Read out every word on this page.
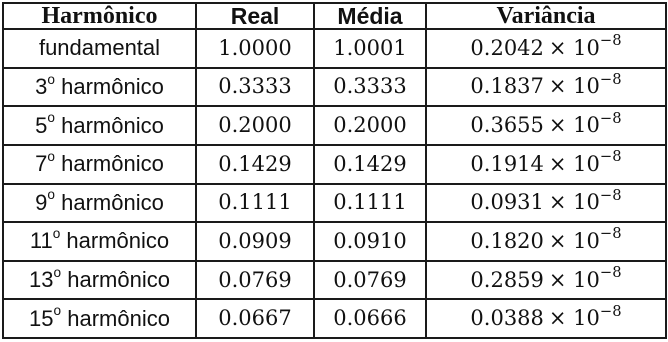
Harmônico	Real	Média	Variância
fundamental	1.0000	1.0001	$0.2042 \times 10^{-8}$
3$^o$ harmônico	0.3333	0.3333	$0.1837 \times 10^{-8}$
5$^o$ harmônico	0.2000	0.2000	$0.3655 \times 10^{-8}$
7$^o$ harmônico	0.1429	0.1429	$0.1914 \times 10^{-8}$
9$^o$ harmônico	0.1111	0.1111	$0.0931 \times 10^{-8}$
11$^o$ harmônico	0.0909	0.0910	$0.1820 \times 10^{-8}$
13$^o$ harmônico	0.0769	0.0769	$0.2859 \times 10^{-8}$
15$^o$ harmônico	0.0667	0.0666	$0.0388 \times 10^{-8}$
